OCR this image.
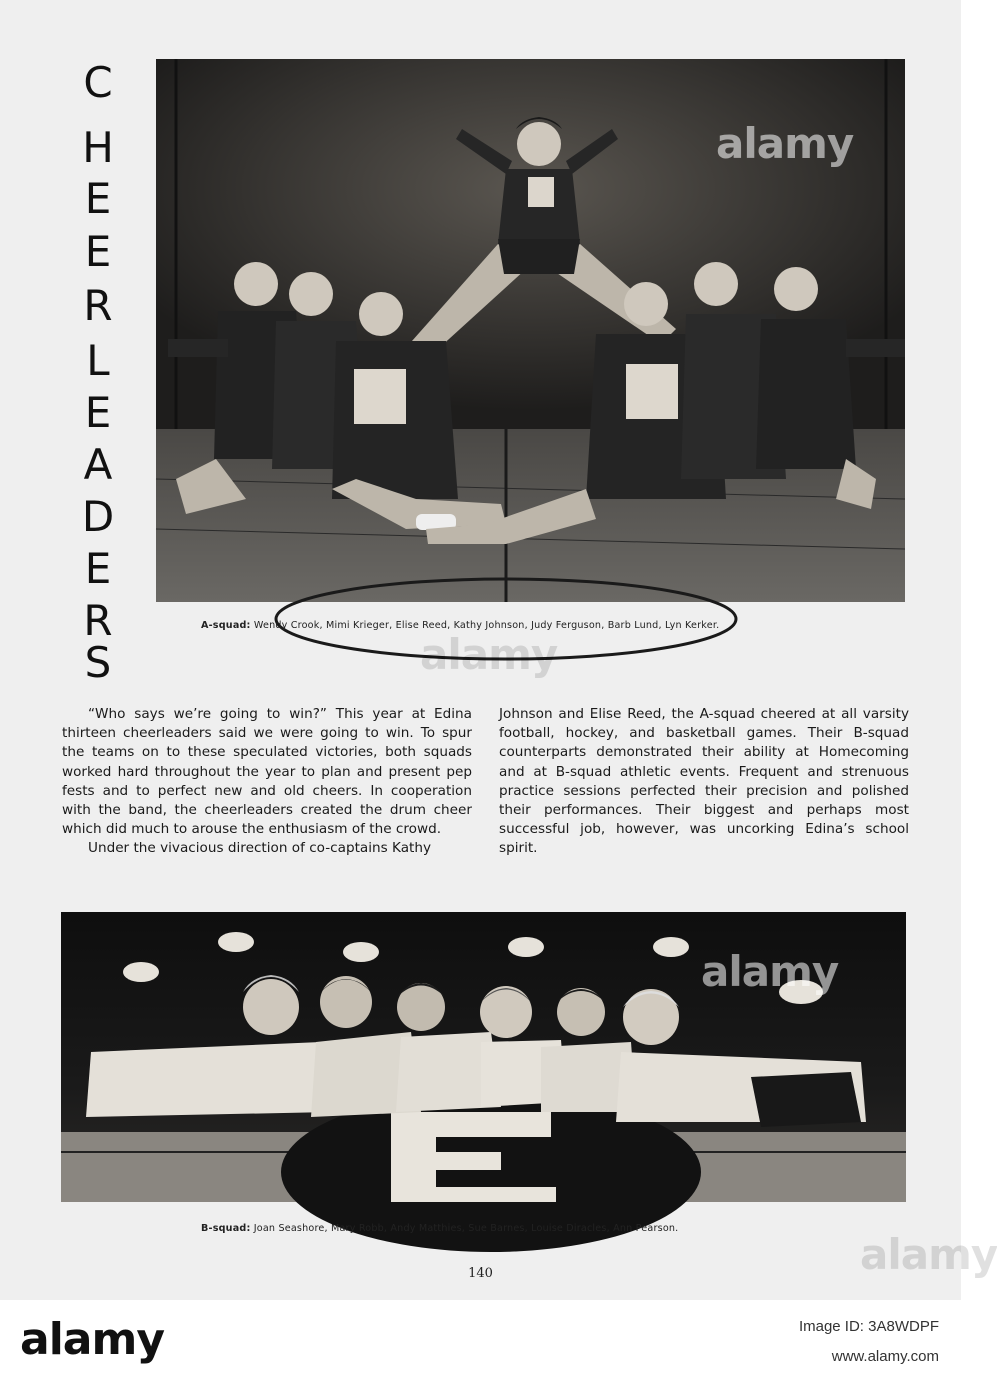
C
H
E
E
R
L
E
A
D
E
R
S
alamy
A-squad: Wendy Crook, Mimi Krieger, Elise Reed, Kathy Johnson, Judy Ferguson, Barb Lund, Lyn Kerker.

“Who says we’re going to win?” This year at Edina thirteen cheerleaders said we were going to win. To spur the teams on to these speculated victories, both squads worked hard throughout the year to plan and present pep fests and to perfect new and old cheers. In cooperation with the band, the cheerleaders created the drum cheer which did much to arouse the enthusiasm of the crowd.

Under the vivacious direction of co-captains Kathy

Johnson and Elise Reed, the A-squad cheered at all varsity football, hockey, and basketball games. Their B-squad counterparts demonstrated their ability at Homecoming and at B-squad athletic events. Frequent and strenuous practice sessions perfected their precision and polished their performances. Their biggest and perhaps most successful job, however, was uncorking Edina’s school spirit.

alamy
B-squad: Joan Seashore, Mary Robb, Andy Matthies, Sue Barnes, Louise Diracles, Ann Pearson.
140
alamy
alamy
alamy	Image ID: 3A8WDPF
www.alamy.com
